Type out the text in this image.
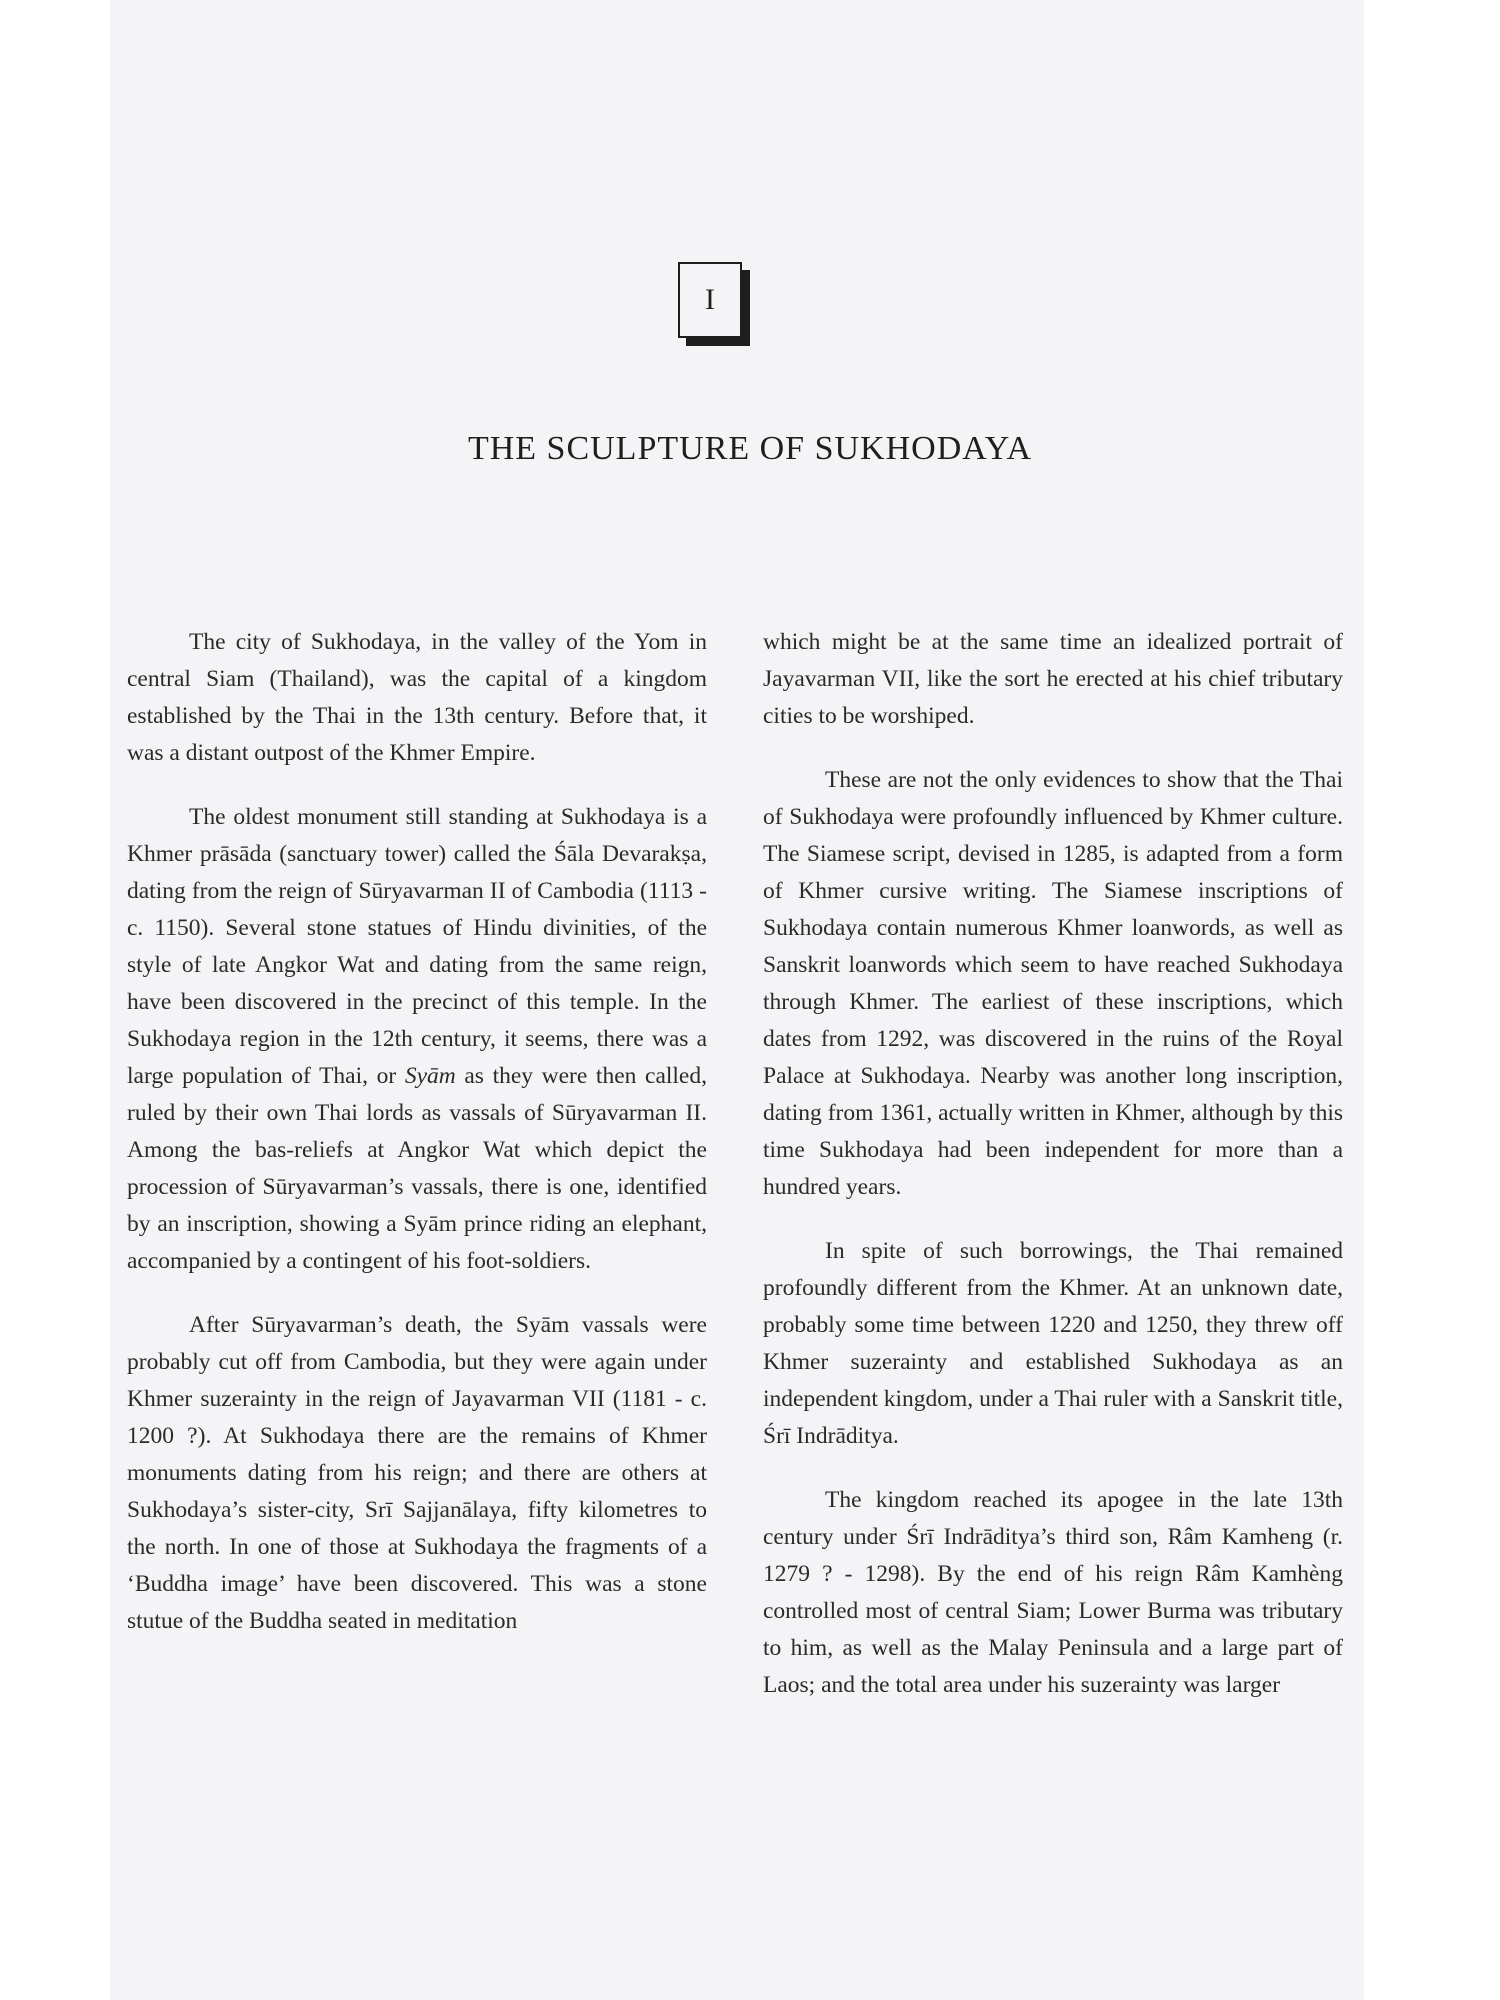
I
THE SCULPTURE OF SUKHODAYA

The city of Sukhodaya, in the valley of the Yom in central Siam (Thailand), was the capital of a kingdom established by the Thai in the 13th century. Before that, it was a distant outpost of the Khmer Empire.

The oldest monument still standing at Sukhodaya is a Khmer prāsāda (sanctuary tower) called the Śāla Devarakṣa, dating from the reign of Sūryavarman II of Cambodia (1113 - c. 1150). Several stone statues of Hindu divinities, of the style of late Angkor Wat and dating from the same reign, have been discovered in the precinct of this temple. In the Sukhodaya region in the 12th century, it seems, there was a large population of Thai, or Syām as they were then called, ruled by their own Thai lords as vassals of Sūryavarman II. Among the bas-reliefs at Angkor Wat which depict the procession of Sūryavarman’s vassals, there is one, identified by an inscription, showing a Syām prince riding an elephant, accompanied by a contingent of his foot-soldiers.

After Sūryavarman’s death, the Syām vassals were probably cut off from Cambodia, but they were again under Khmer suzerainty in the reign of Jayavarman VII (1181 - c. 1200 ?). At Sukhodaya there are the remains of Khmer monuments dating from his reign; and there are others at Sukhodaya’s sister-city, Srī Sajjanālaya, fifty kilometres to the north. In one of those at Sukhodaya the fragments of a ‘Buddha image’ have been discovered. This was a stone stutue of the Buddha seated in meditation

which might be at the same time an idealized portrait of Jayavarman VII, like the sort he erected at his chief tributary cities to be worshiped.

These are not the only evidences to show that the Thai of Sukhodaya were profoundly influenced by Khmer culture. The Siamese script, devised in 1285, is adapted from a form of Khmer cursive writing. The Siamese inscriptions of Sukhodaya contain numerous Khmer loanwords, as well as Sanskrit loanwords which seem to have reached Sukhodaya through Khmer. The earliest of these inscriptions, which dates from 1292, was discovered in the ruins of the Royal Palace at Sukhodaya. Nearby was another long inscription, dating from 1361, actually written in Khmer, although by this time Sukhodaya had been independent for more than a hundred years.

In spite of such borrowings, the Thai remained profoundly different from the Khmer. At an unknown date, probably some time between 1220 and 1250, they threw off Khmer suzerainty and established Sukhodaya as an independent kingdom, under a Thai ruler with a Sanskrit title, Śrī Indrāditya.

The kingdom reached its apogee in the late 13th century under Śrī Indrāditya’s third son, Râm Kamheng (r. 1279 ? - 1298). By the end of his reign Râm Kamhèng controlled most of central Siam; Lower Burma was tributary to him, as well as the Malay Peninsula and a large part of Laos; and the total area under his suzerainty was larger
